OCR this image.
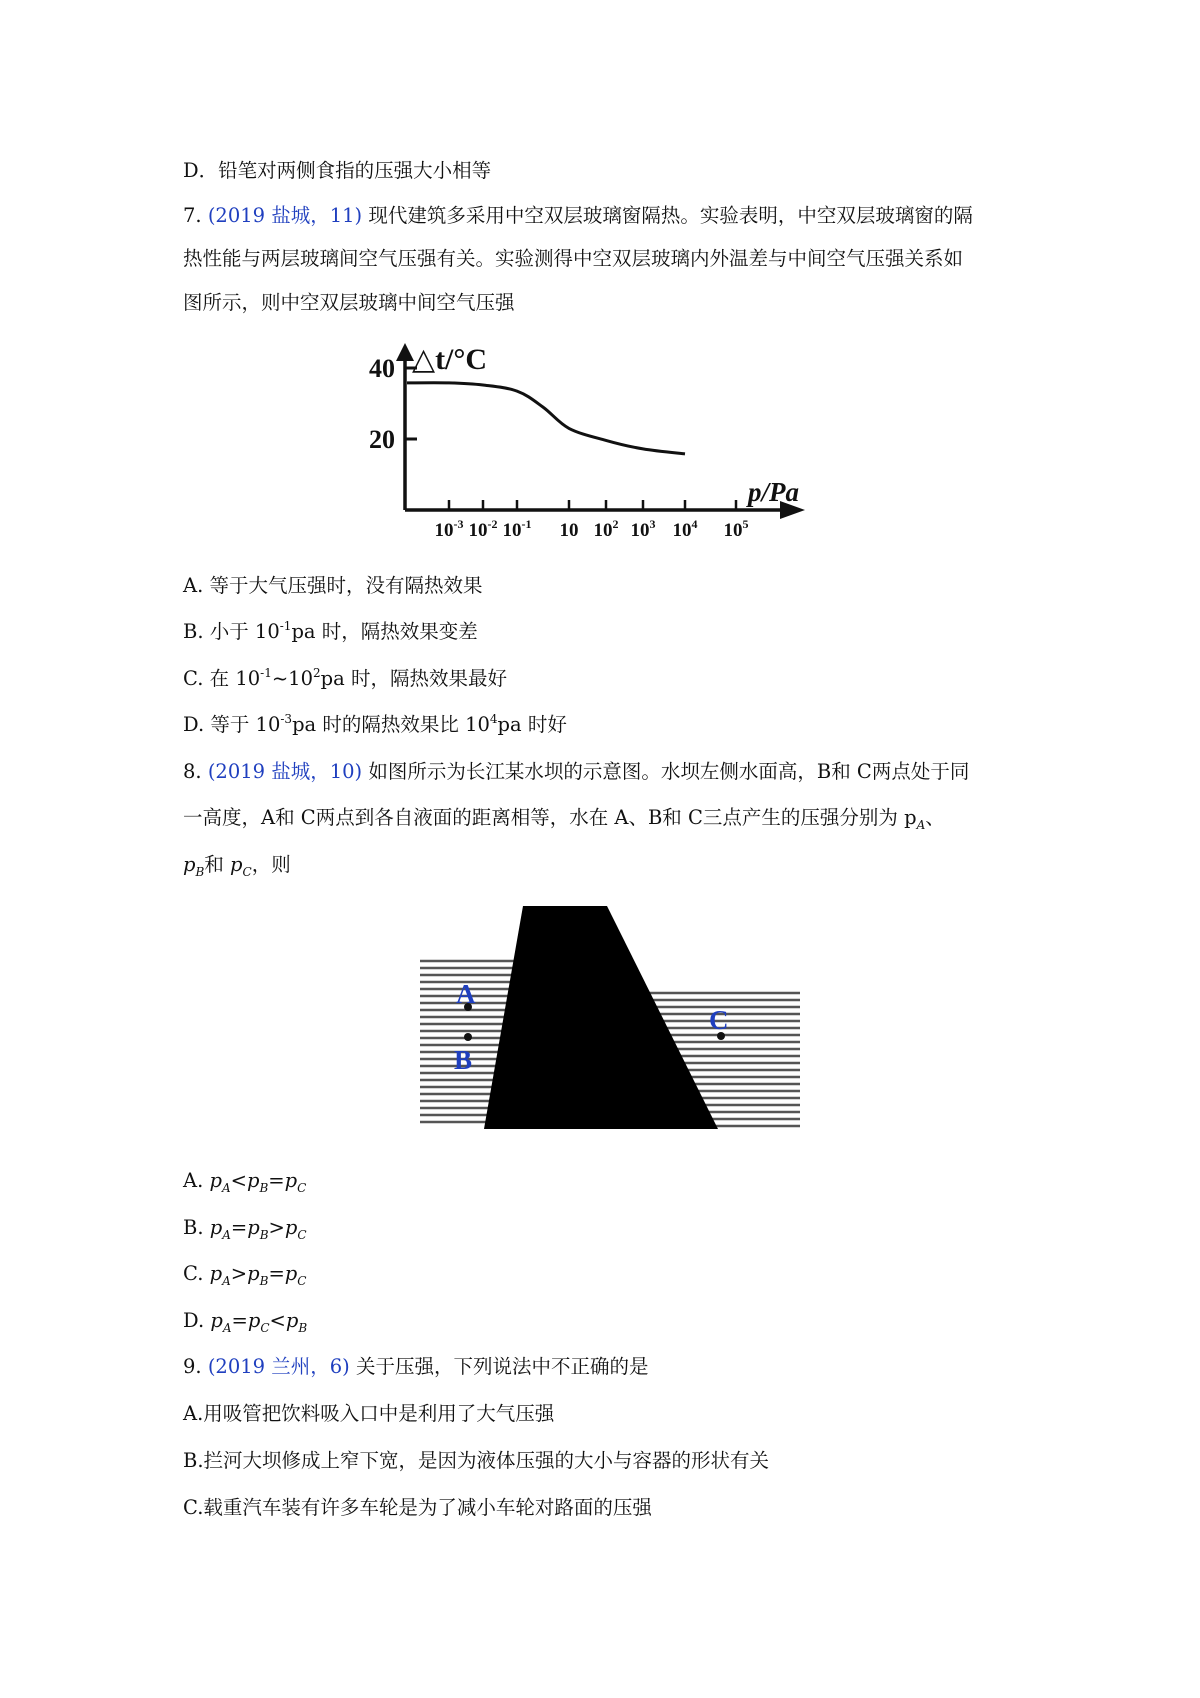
D．铅笔对两侧食指的压强大小相等
7. (2019 盐城，11) 现代建筑多采用中空双层玻璃窗隔热。实验表明，中空双层玻璃窗的隔
热性能与两层玻璃间空气压强有关。实验测得中空双层玻璃内外温差与中间空气压强关系如
图所示，则中空双层玻璃中间空气压强
△t/°C
p/Pa
40
20
$10^{-3}$ $10^{-2}$ $10^{-1}$ 10 $10^2$ $10^3$ $10^4$ $10^5$
A. 等于大气压强时，没有隔热效果
B. 小于 $10^{-1}pa$ 时，隔热效果变差
C. 在 $10^{-1}\sim 10^2pa$ 时，隔热效果最好
D. 等于 $10^{-3}pa$ 时的隔热效果比 $10^4pa$ 时好
8. (2019 盐城，10) 如图所示为长江某水坝的示意图。水坝左侧水面高，B和 C两点处于同
一高度，A和 C两点到各自液面的距离相等，水在 A、B和 C三点产生的压强分别为 $p_A$、
$p_B$和 $p_C$，则
A
B
C
A. $p_A<p_B=p_C$
B. $p_A=p_B>p_C$
C. $p_A>p_B=p_C$
D. $p_A=p_C<p_B$
9. (2019 兰州，6) 关于压强，下列说法中不正确的是
A.用吸管把饮料吸入口中是利用了大气压强
B.拦河大坝修成上窄下宽，是因为液体压强的大小与容器的形状有关
C.载重汽车装有许多车轮是为了减小车轮对路面的压强
